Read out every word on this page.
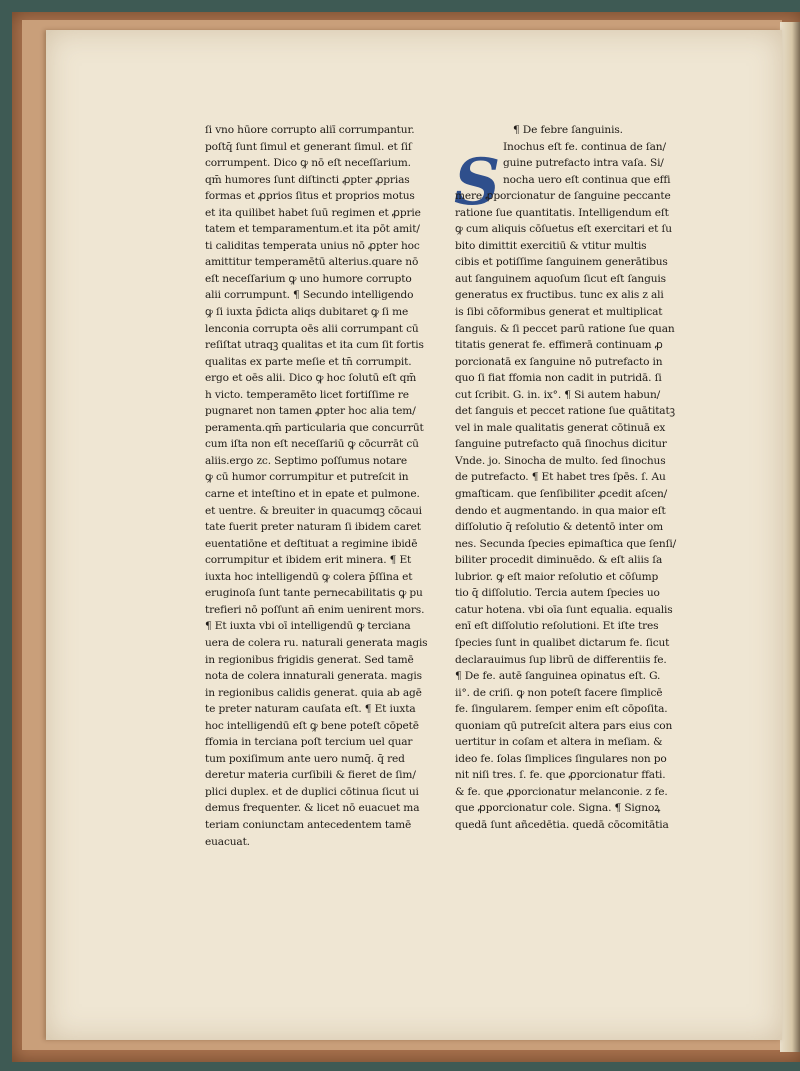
ſi vno hūore corrupto aliī corrumpantur.
poſtq̄ ſunt ſimul et generant ſimul. et ſiſ
corrumpent. Dico ꝙ nō eſt neceſſarium.
qm̄ humores ſunt diſtincti ꝓpter ꝓprias
formas et ꝓprios ſitus et proprios motus
et ita quilibet habet ſuū regimen et ꝓprie
tatem et temparamentum.et ita pōt amit/
ti caliditas temperata unius nō ꝓpter hoc
amittitur temperamētū alterius.quare nō
eſt neceſſarium ꝙ uno humore corrupto
alii corrumpunt. ¶ Secundo intelligendo
ꝙ ſi iuxta p̄dicta aliqs dubitaret ꝙ ſi me
lenconia corrupta oēs alii corrumpant cū
reſiſtat utraqꝫ qualitas et ita cum ſit fortis
qualitas ex parte meſie et tn̄ corrumpit.
ergo et oēs alii. Dico ꝙ hoc ſolutū eſt qm̄
h victo. temperamēto licet fortiſſime re
pugnaret non tamen ꝓpter hoc alia tem/
peramenta.qm̄ particularia que concurrūt
cum iſta non eſt neceſſariū ꝙ cōcurrāt cū
aliis.ergo zc. Septimo poſſumus notare
ꝙ cū humor corrumpitur et putreſcit in
carne et inteſtino et in epate et pulmone.
et uentre. & breuiter in quacumqꝫ cōcaui
tate fuerit preter naturam ſi ibidem caret
euentatiōne et deſtituat a regimine ibidē
corrumpitur et ibidem erit minera. ¶ Et
iuxta hoc intelligendū ꝙ colera p̄ſſina et
eruginoſa ſunt tante pernecabilitatis ꝙ pu
trefieri nō poſſunt an̄ enim uenirent mors.
¶ Et iuxta vbi oī intelligendū ꝙ terciana
uera de colera ru. naturali generata magis
in regionibus frigidis generat. Sed tamē
nota de colera innaturali generata. magis
in regionibus calidis generat. quia ab agē
te preter naturam cauſata eſt. ¶ Et iuxta
hoc intelligendū eſt ꝙ bene poteſt cōpetē
ffomia in terciana poſt tercium uel quar
tum poxiſimum ante uero numq̄. q̄ red
deretur materia curſibili & fieret de ſim/
plici duplex. et de duplici cōtinua ſicut ui
demus frequenter. & licet nō euacuet ma
teriam coniunctam antecedentem tamē
euacuat.
S
¶ De febre ſanguinis.
Inochus eſt fe. continua de ſan/
guine putrefacto intra vaſa. Si/
nocha uero eſt continua que effi
mere ꝓporcionatur de ſanguine peccante
ratione ſue quantitatis. Intelligendum eſt
ꝙ cum aliquis cōſuetus eſt exercitari et ſu
bito dimittit exercitiū & vtitur multis
cibis et potiſſime ſanguinem generātibus
aut ſanguinem aquoſum ſicut eſt ſanguis
generatus ex fructibus. tunc ex alis z ali
is ſibi cōformibus generat et multiplicat
ſanguis. & ſi peccet parū ratione ſue quan
titatis generat fe. effimerā continuam ꝓ
porcionatā ex ſanguine nō putrefacto in
quo ſi fiat ffomia non cadit in putridā. ſi
cut ſcribit. G. in. ix°. ¶ Si autem habun/
det ſanguis et peccet ratione ſue quātitatꝫ
vel in male qualitatis generat cōtinuā ex
ſanguine putrefacto quā ſinochus dicitur
Vnde. jo. Sinocha de multo. ſed ſinochus
de putrefacto. ¶ Et habet tres ſpēs. ſ. Au
gmaſticam. que ſenſibiliter ꝓcedit aſcen/
dendo et augmentando. in qua maior eſt
diſſolutio q̄ reſolutio & detentō inter om
nes. Secunda ſpecies epimaſtica que ſenſi/
biliter procedit diminuēdo. & eſt aliis ſa
lubrior. ꝙ eſt maior reſolutio et cōſump
tio q̄ diſſolutio. Tercia autem ſpecies uo
catur hotena. vbi oīa ſunt equalia. equalis
enī eſt diſſolutio reſolutioni. Et iſte tres
ſpecies ſunt in qualibet dictarum fe. ſicut
declarauimus ſup librū de differentiis fe.
¶ De fe. autē ſanguinea opinatus eſt. G.
ii°. de criſi. ꝙ non poteſt facere ſimplicē
fe. ſingularem. ſemper enim eſt cōpoſita.
quoniam qū putreſcit altera pars eius con
uertitur in coſam et altera in meſiam. &
ideo fe. ſolas ſimplices ſingulares non po
nit niſi tres. ſ. fe. que ꝓporcionatur ffati.
& fe. que ꝓporcionatur melanconie. z fe.
que ꝓporcionatur cole. Signa. ¶ Signoꝝ
quedā ſunt añcedētia. quedā cōcomitātia
